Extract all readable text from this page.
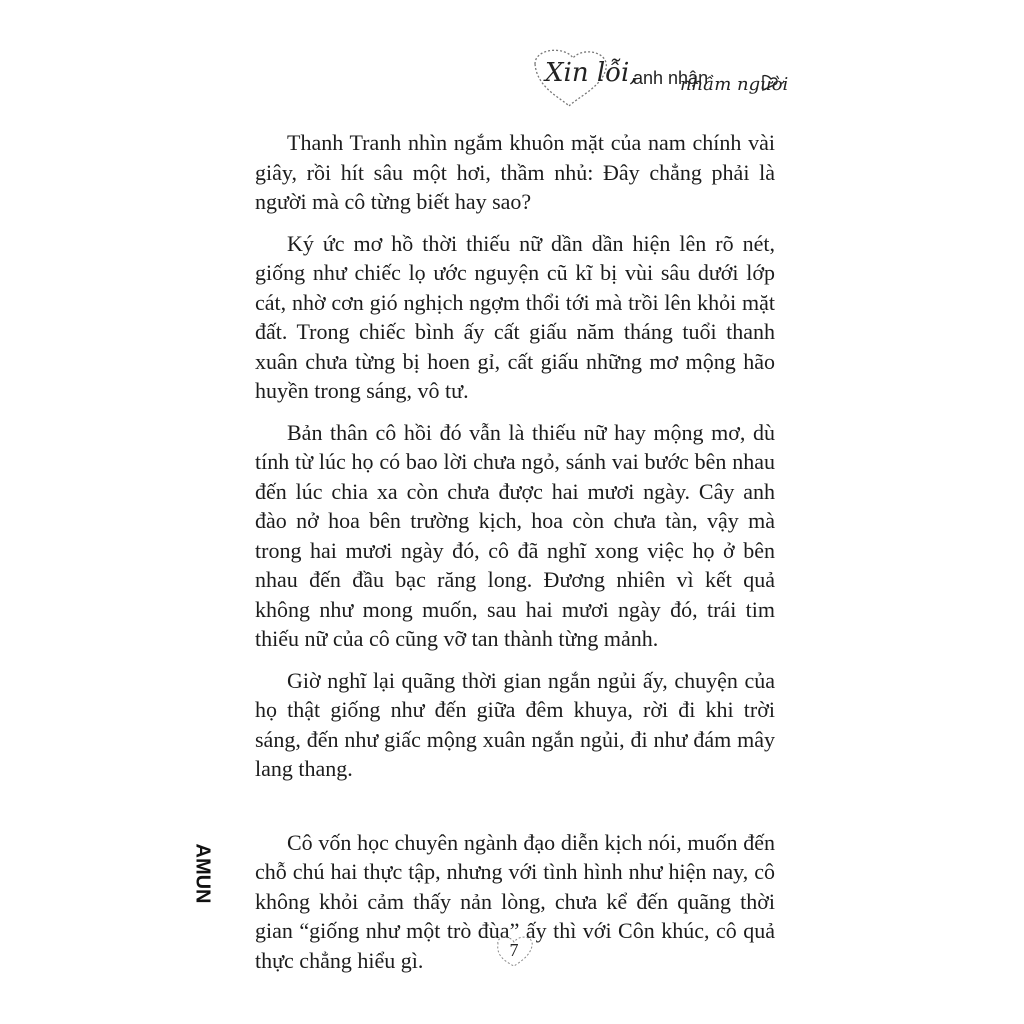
Xin lỗi,
anh nhận
nhầm người

Thanh Tranh nhìn ngắm khuôn mặt của nam chính vài giây, rồi hít sâu một hơi, thầm nhủ: Đây chẳng phải là người mà cô từng biết hay sao?

Ký ức mơ hồ thời thiếu nữ dần dần hiện lên rõ nét, giống như chiếc lọ ước nguyện cũ kĩ bị vùi sâu dưới lớp cát, nhờ cơn gió nghịch ngợm thổi tới mà trồi lên khỏi mặt đất. Trong chiếc bình ấy cất giấu năm tháng tuổi thanh xuân chưa từng bị hoen gỉ, cất giấu những mơ mộng hão huyền trong sáng, vô tư.

Bản thân cô hồi đó vẫn là thiếu nữ hay mộng mơ, dù tính từ lúc họ có bao lời chưa ngỏ, sánh vai bước bên nhau đến lúc chia xa còn chưa được hai mươi ngày. Cây anh đào nở hoa bên trường kịch, hoa còn chưa tàn, vậy mà trong hai mươi ngày đó, cô đã nghĩ xong việc họ ở bên nhau đến đầu bạc răng long. Đương nhiên vì kết quả không như mong muốn, sau hai mươi ngày đó, trái tim thiếu nữ của cô cũng vỡ tan thành từng mảnh.

Giờ nghĩ lại quãng thời gian ngắn ngủi ấy, chuyện của họ thật giống như đến giữa đêm khuya, rời đi khi trời sáng, đến như giấc mộng xuân ngắn ngủi, đi như đám mây lang thang.

Cô vốn học chuyên ngành đạo diễn kịch nói, muốn đến chỗ chú hai thực tập, nhưng với tình hình như hiện nay, cô không khỏi cảm thấy nản lòng, chưa kể đến quãng thời gian “giống như một trò đùa” ấy thì với Côn khúc, cô quả thực chẳng hiểu gì.

AMUN
7
